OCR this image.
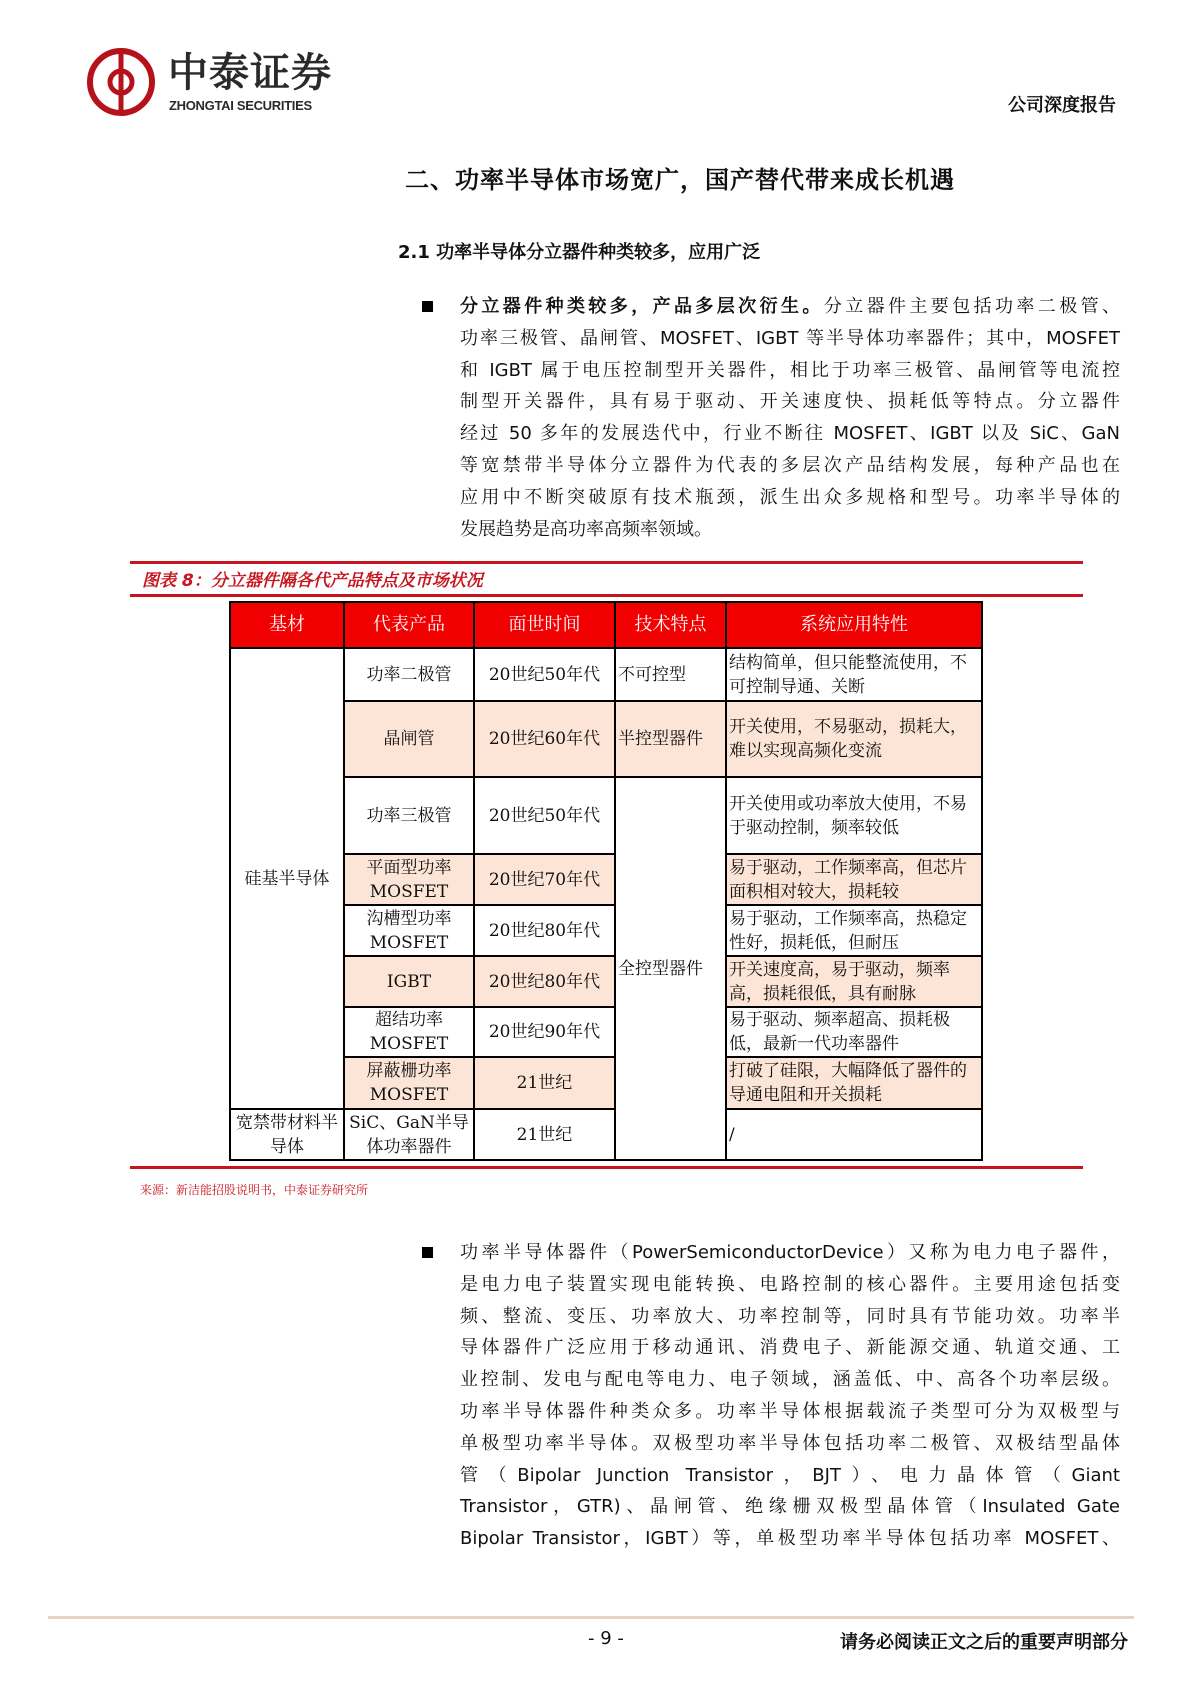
中泰证券
ZHONGTAI SECURITIES	公司深度报告
二、功率半导体市场宽广，国产替代带来成长机遇
2.1 功率半导体分立器件种类较多，应用广泛
分立器件种类较多，产品多层次衍生。分立器件主要包括功率二极管、
功率三极管、晶闸管、MOSFET、IGBT 等半导体功率器件；其中，MOSFET
和 IGBT 属于电压控制型开关器件，相比于功率三极管、晶闸管等电流控
制型开关器件，具有易于驱动、开关速度快、损耗低等特点。分立器件
经过 50 多年的发展迭代中，行业不断往 MOSFET、IGBT 以及 SiC、GaN
等宽禁带半导体分立器件为代表的多层次产品结构发展，每种产品也在
应用中不断突破原有技术瓶颈，派生出众多规格和型号。功率半导体的
发展趋势是高功率高频率领域。
图表 8：分立器件隔各代产品特点及市场状况
基材	代表产品	面世时间	技术特点	系统应用特性	
硅基半导体	功率二极管	20世纪50年代	不可控型	结构简单，但只能整流使用，不可控制导通、关断	

	晶闸管	20世纪60年代	半控型器件	开关使用，不易驱动，损耗大，难以实现高频化变流	

	功率三极管	20世纪50年代	全控型器件	开关使用或功率放大使用，不易于驱动控制，频率较低	

	平面型功率MOSFET	20世纪70年代		易于驱动，工作频率高，但芯片面积相对较大，损耗较	

	沟槽型功率MOSFET	20世纪80年代		易于驱动，工作频率高，热稳定性好，损耗低，但耐压	

	IGBT	20世纪80年代		开关速度高，易于驱动，频率高，损耗很低，具有耐脉	

	超结功率MOSFET	20世纪90年代		易于驱动、频率超高、损耗极低，最新一代功率器件	

	屏蔽栅功率MOSFET	21世纪		打破了硅限，大幅降低了器件的导通电阻和开关损耗	

宽禁带材料半导体	SiC、GaN半导体功率器件	21世纪		/	
来源：新洁能招股说明书，中泰证券研究所
功率半导体器件（PowerSemiconductorDevice）又称为电力电子器件，
是电力电子装置实现电能转换、电路控制的核心器件。主要用途包括变
频、整流、变压、功率放大、功率控制等，同时具有节能功效。功率半
导体器件广泛应用于移动通讯、消费电子、新能源交通、轨道交通、工
业控制、发电与配电等电力、电子领域，涵盖低、中、高各个功率层级。
功率半导体器件种类众多。功率半导体根据载流子类型可分为双极型与
单极型功率半导体。双极型功率半导体包括功率二极管、双极结型晶体
管（Bipolar Junction Transistor，BJT）、电力晶体管（Giant
Transistor，GTR)、晶闸管、绝缘栅双极型晶体管（Insulated Gate
Bipolar Transistor，IGBT）等，单极型功率半导体包括功率 MOSFET、
- 9 -	请务必阅读正文之后的重要声明部分
